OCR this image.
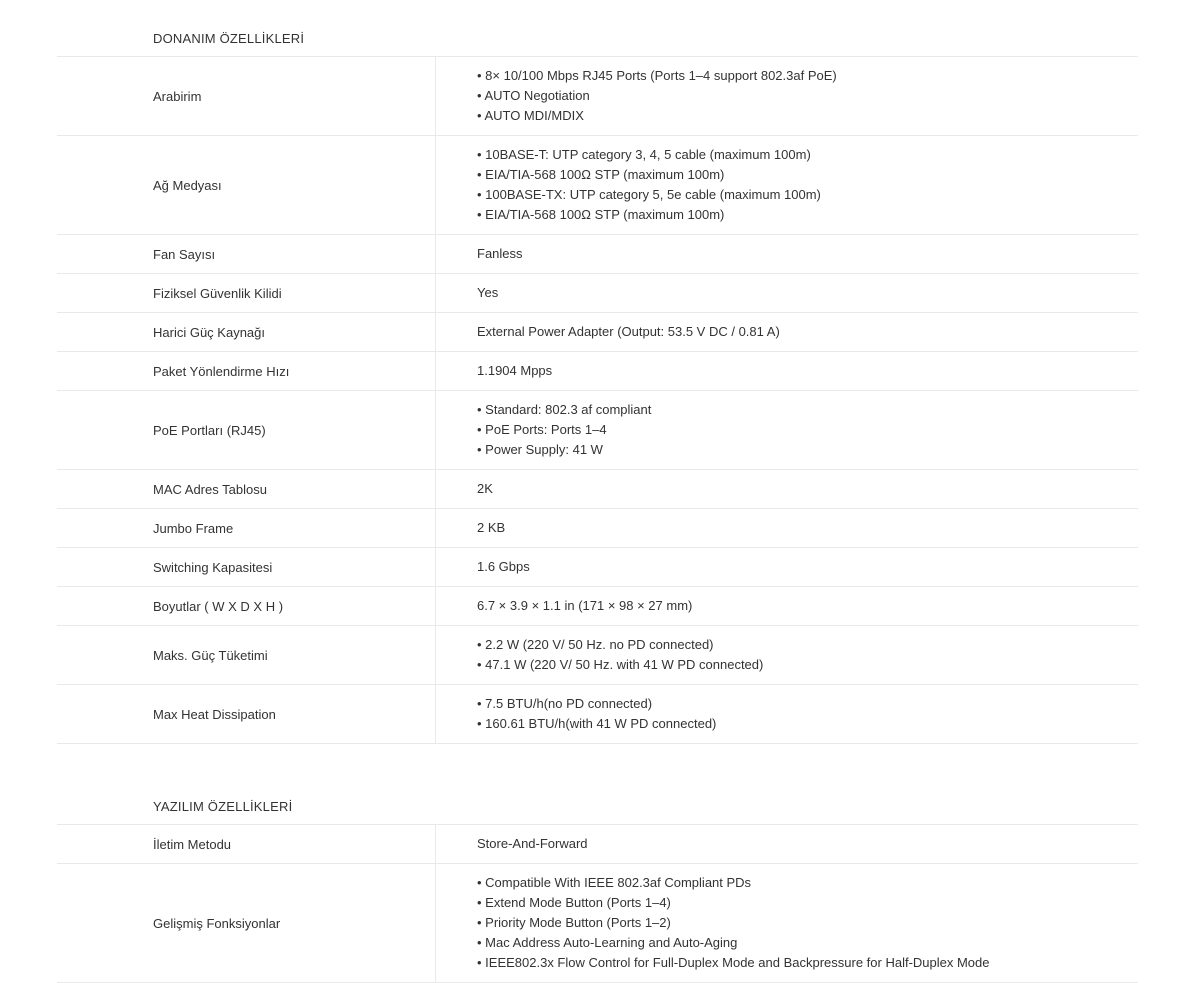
DONANIM ÖZELLİKLERİ
Arabirim
• 8× 10/100 Mbps RJ45 Ports (Ports 1–4 support 802.3af PoE)
• AUTO Negotiation
• AUTO MDI/MDIX
Ağ Medyası
• 10BASE-T: UTP category 3, 4, 5 cable (maximum 100m)
• EIA/TIA-568 100Ω STP (maximum 100m)
• 100BASE-TX: UTP category 5, 5e cable (maximum 100m)
• EIA/TIA-568 100Ω STP (maximum 100m)
Fan Sayısı	Fanless
Fiziksel Güvenlik Kilidi	Yes
Harici Güç Kaynağı	External Power Adapter (Output: 53.5 V DC / 0.81 A)
Paket Yönlendirme Hızı	1.1904 Mpps
PoE Portları (RJ45)
• Standard: 802.3 af compliant
• PoE Ports: Ports 1–4
• Power Supply: 41 W
MAC Adres Tablosu	2K
Jumbo Frame	2 KB
Switching Kapasitesi	1.6 Gbps
Boyutlar ( W X D X H )	6.7 × 3.9 × 1.1 in (171 × 98 × 27 mm)
Maks. Güç Tüketimi
• 2.2 W (220 V/ 50 Hz. no PD connected)
• 47.1 W (220 V/ 50 Hz. with 41 W PD connected)
Max Heat Dissipation
• 7.5 BTU/h(no PD connected)
• 160.61 BTU/h(with 41 W PD connected)
YAZILIM ÖZELLİKLERİ
İletim Metodu	Store-And-Forward
Gelişmiş Fonksiyonlar
• Compatible With IEEE 802.3af Compliant PDs
• Extend Mode Button (Ports 1–4)
• Priority Mode Button (Ports 1–2)
• Mac Address Auto-Learning and Auto-Aging
• IEEE802.3x Flow Control for Full-Duplex Mode and Backpressure for Half-Duplex Mode
